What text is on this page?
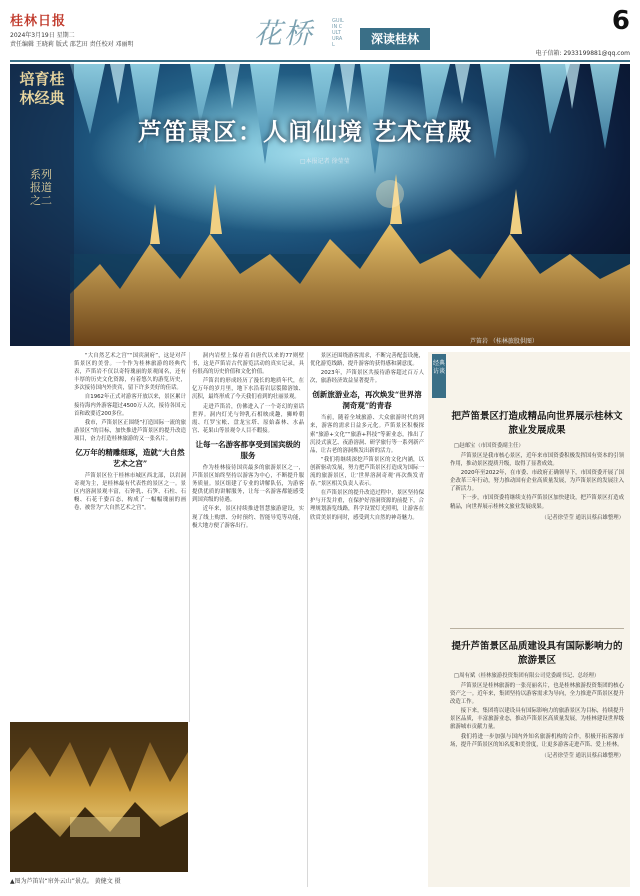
桂林日报
2024年3月19日 星期二
责任编辑 王晓莉 版式 邵艺田 责任校对 邓丽明	花桥	GUILIN CULTURAL	深读桂林
6
电子信箱: 2933199881@qq.com
培育桂林经典
系列报道之二
芦笛景区：人间仙境 艺术宫殿
□本报记者 徐莹莹
芦笛岩 （桂林旅股供图）

“大自然艺术之宫”“国宾洞府”，这是对芦笛景区的美誉。一个作为桂林旅游的经典代表，芦笛岩不仅以奇特瑰丽的景观闻名，还有丰厚的历史文化资源，有着悠久的游览历史，多次接待国内外贵宾，留下许多美好的佳话。

自1962年正式对游客开放以来，景区累计接待海内外游客超过4500万人次，接待各国元首和政要近200多位。

我市，芦笛景区正围绕“打造国际一流的旅游景区”的目标，加快推进芦笛景区的提升改造项目，奋力打造桂林旅游的又一张名片。

亿万年的精雕细琢，造就“大自然艺术之宫”

芦笛景区位于桂林市城区西北部，以岩洞奇观为主，是桂林最有代表性的景区之一。景区内溶洞景观丰富，石钟乳、石笋、石柱、石幔、石花千姿百态，构成了一幅幅瑰丽的画卷，被誉为“大自然艺术之宫”。

洞内岩壁上保存着自唐代以来的77则壁书，这是芦笛岩古代游览活动的真实记录，具有很高的历史价值和文化价值。

芦笛岩的形成经历了漫长的地质年代，在亿万年的岁月里，地下水沿着岩层裂隙溶蚀、沉积，最终形成了今天我们看到的壮丽景观。

走进芦笛岩，仿佛进入了一个奇幻的童话世界。洞内灯光与钟乳石相映成趣，狮岭朝霞、红罗宝帐、盘龙宝塔、原始森林、水晶宫、花果山等景观令人目不暇接。

让每一名游客都享受到国宾级的服务

作为桂林接待国宾最多的旅游景区之一，芦笛景区始终坚持以游客为中心，不断提升服务质量。景区组建了专业的讲解队伍，为游客提供优质的讲解服务，让每一名游客都能感受到国宾级的待遇。

近年来，景区持续推进智慧旅游建设，实现了线上购票、分时预约、智能导览等功能，极大地方便了游客出行。

景区还围绕游客需求，不断完善配套设施，优化游览线路，提升游客的获得感和满意度。

2023年，芦笛景区共接待游客超过百万人次，旅游经济效益显著提升。

创新旅游业态，再次焕发“世界溶洞奇观”的青春

当前，随着全域旅游、大众旅游时代的到来，游客的需求日益多元化。芦笛景区积极探索“旅游+文化”“旅游+科技”等新业态，推出了沉浸式演艺、夜游溶洞、研学旅行等一系列新产品，让古老的溶洞焕发出新的活力。

“我们将继续深挖芦笛景区的文化内涵，以创新驱动发展，努力把芦笛景区打造成为国际一流的旅游景区，让‘世界溶洞奇观’再次焕发青春。”景区相关负责人表示。

在芦笛景区的提升改造过程中，景区坚持保护与开发并重，在保护好溶洞资源的前提下，合理规划游览线路，科学设置灯光照明，让游客在欣赏美景的同时，感受到大自然的神奇魅力。

▲图为芦笛岩“帘外云山”景点。 黄健文 摄
经典访谈
把芦笛景区打造成精品向世界展示桂林文旅业发展成果
□赵邮宝（市国资委副主任）

芦笛景区是我市核心景区，近年来市国资委积极发挥国有资本的引领作用，推动景区提质升级，取得了显著成效。

2020年至2022年，在市委、市政府正确领导下，市国资委开展了国企改革三年行动，努力推动国有企业高质量发展，为芦笛景区的发展注入了新活力。

下一步，市国资委将继续支持芦笛景区加快建设，把芦笛景区打造成精品，向世界展示桂林文旅业发展成果。

（记者徐莹莹 通讯员蔡启雄整理）
提升芦笛景区品质建设具有国际影响力的旅游景区
□周有斌（桂林旅游投资集团有限公司党委副书记、总经理）

芦笛景区是桂林旅游的一张亮丽名片，也是桂林旅游投资集团的核心资产之一。近年来，集团坚持以游客需求为导向，全力推进芦笛景区提升改造工作。

接下来，集团将以建设具有国际影响力的旅游景区为目标，持续提升景区品质，丰富旅游业态，推动芦笛景区高质量发展，为桂林建设世界级旅游城市贡献力量。

我们将进一步加强与国内外知名旅游机构的合作，积极开拓客源市场，提升芦笛景区的知名度和美誉度，让更多游客走进芦笛、爱上桂林。

（记者徐莹莹 通讯员蔡启雄整理）
